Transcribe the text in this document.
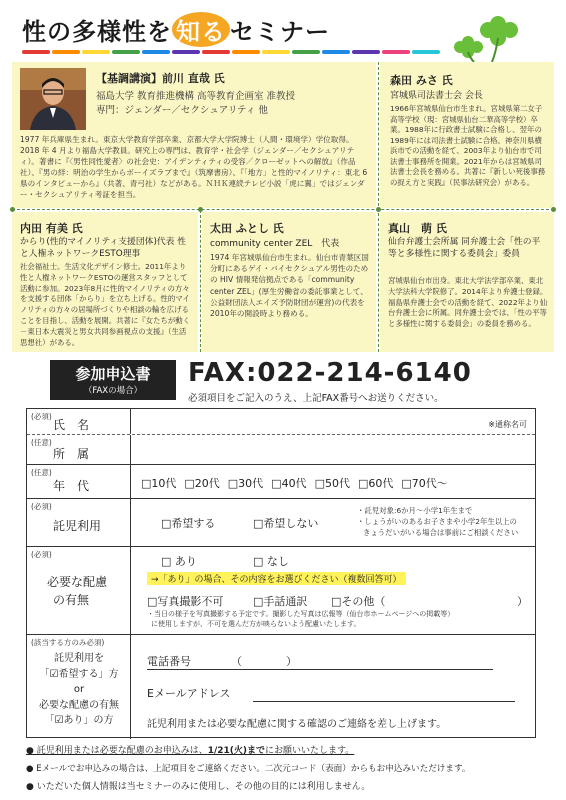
性の多様性を 知る セミナー
【基調講演】前川 直哉 氏
福島大学 教育推進機構 高等教育企画室 准教授
専門：ジェンダー／セクシュアリティ 他
1977 年兵庫県生まれ。東京大学教育学部卒業、京都大学大学院博士（人間・環境学）学位取得。2018 年 4 月より福島大学教員。研究上の専門は、教育学・社会学（ジェンダー／セクシュアリティ）。著書に『〈男性同性愛者〉の社会史：アイデンティティの受容／クローゼットへの解放』（作品社）、『男の絆：明治の学生からボーイズラブまで』（筑摩書房）、『「地方」と性的マイノリティ：東北 6 県のインタビューから』（共著、青弓社）などがある。ＮＨＫ連続テレビ小説「虎に翼」ではジェンダー・セクシュアリティ考証を担当。
森田 みさ 氏
宮城県司法書士会 会長
1966年宮城県仙台市生まれ。宮城県第二女子高等学校（現：宮城県仙台二華高等学校）卒業。1988年に行政書士試験に合格し、翌年の1989年には司法書士試験に合格。神奈川県横浜市での活動を経て、2003年より仙台市で司法書士事務所を開業。2021年からは宮城県司法書士会長を務める。共著に『新しい死後事務の捉え方と実践』（民事法研究会）がある。
内田 有美 氏
からり(性的マイノリティ支援団体)代表 性と人権ネットワークESTO理事
社会福祉士。生活文化デザイン修士。2011年より性と人権ネットワークESTOの運営スタッフとして活動に参加。2023年8月に性的マイノリティの方々を支援する団体「からり」を立ち上げる。性的マイノリティの方々の居場所づくりや相談の輪を広げることを目指し、活動を展開。共著に『女たちが動く－東日本大震災と男女共同参画視点の支援』（生活思想社）がある。
太田 ふとし 氏
community center ZEL　代表
1974 年宮城県仙台市生まれ。仙台市青葉区国分町にあるゲイ・バイセクシュアル男性のための HIV 情報発信拠点である「community center ZEL」(厚生労働省の委託事業として、公益財団法人エイズ予防財団が運営)の代表を2010年の開設時より務める。
真山　萌 氏
仙台弁護士会所属 同弁護士会「性の平等と多様性に関する委員会」委員
宮城県仙台市出身。東北大学法学部卒業、東北大学法科大学院修了。2014年より弁護士登録。福島県弁護士会での活動を経て、2022年より仙台弁護士会に所属。同弁護士会では、「性の平等と多様性に関する委員会」の委員を務める。
参加申込書
（FAXの場合）
FAX:022-214-6140
必須項目をご記入のうえ、上記FAX番号へお送りください。
(必須)
氏　名	※通称名可
(任意)
所　属
(任意)
年　代	□10代 □20代 □30代 □40代 □50代 □60代 □70代～
(必須)
託児利用	□希望する	□希望しない
・託児対象:6か月～小学1年生まで
・しょうがいのあるお子さまや小学2年生以上の
きょうだいがいる場合は事前にご相談ください
(必須)
必要な配慮
の有無
□ あり	□ なし
→「あり」の場合、その内容をお選びください（複数回答可）
□写真撮影不可	□手話通訳 □その他（	）
・当日の様子を写真撮影する予定です。撮影した写真は広報等（仙台市ホームページへの掲載等）
に使用しますが、不可を選んだ方が映らないよう配慮いたします。
(該当する方のみ必須)
託児利用を
「☑希望する」方
or
必要な配慮の有無
「☑あり」の方
電話番号	（　　　　）
Eメールアドレス
託児利用または必要な配慮に関する確認のご連絡を差し上げます。
● 託児利用または必要な配慮のお申込みは、1/21(火)までにお願いいたします。
● Eメールでお申込みの場合は、上記項目をご連絡ください。二次元コード（表面）からもお申込みいただけます。
● いただいた個人情報は当セミナーのみに使用し、その他の目的には利用しません。
